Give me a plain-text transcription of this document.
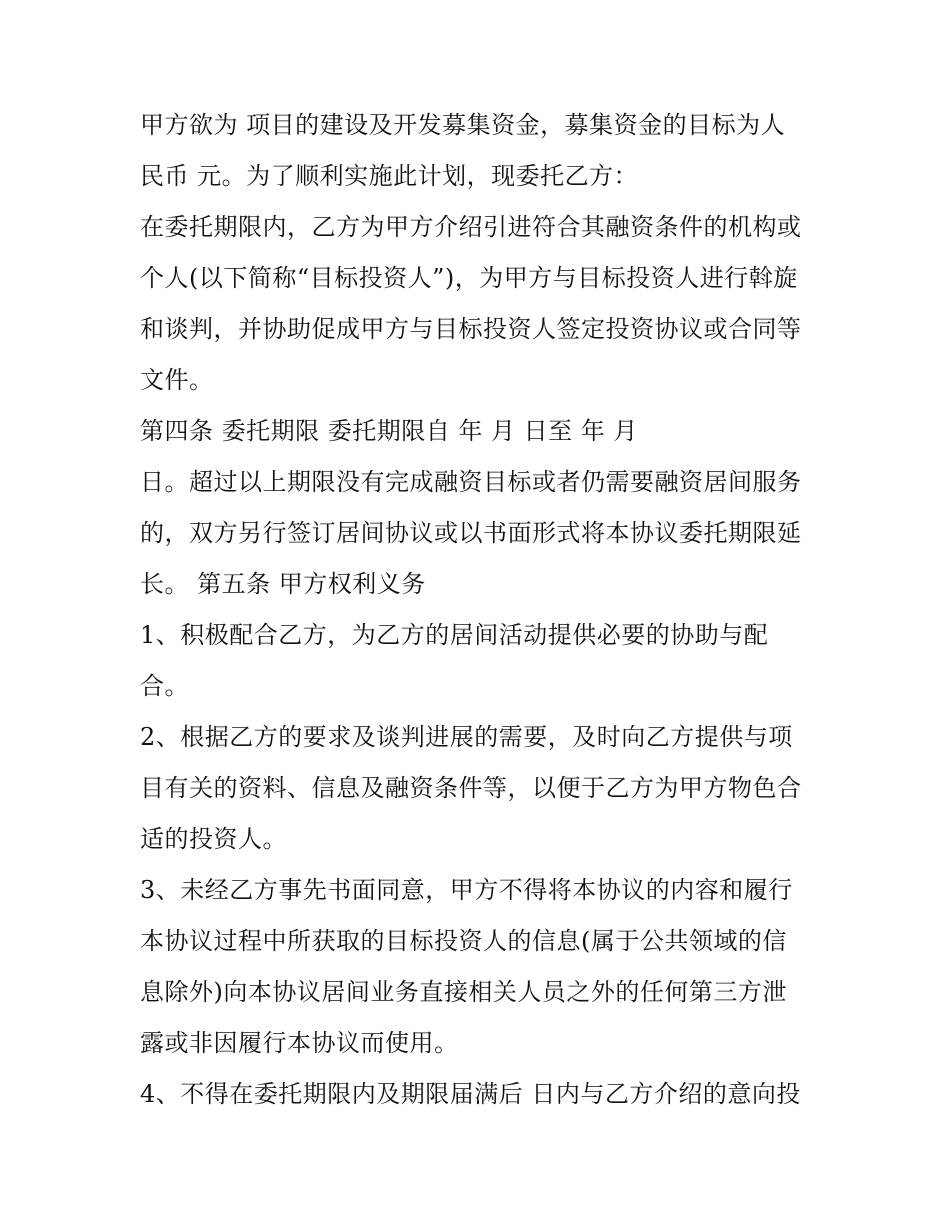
甲方欲为 项目的建设及开发募集资金，募集资金的目标为人
民币 元。为了顺利实施此计划，现委托乙方：
在委托期限内，乙方为甲方介绍引进符合其融资条件的机构或
个人(以下简称“目标投资人”)，为甲方与目标投资人进行斡旋
和谈判，并协助促成甲方与目标投资人签定投资协议或合同等
文件。
第四条 委托期限 委托期限自 年 月 日至 年 月
日。超过以上期限没有完成融资目标或者仍需要融资居间服务
的，双方另行签订居间协议或以书面形式将本协议委托期限延
长。 第五条 甲方权利义务
1、积极配合乙方，为乙方的居间活动提供必要的协助与配
合。
2、根据乙方的要求及谈判进展的需要，及时向乙方提供与项
目有关的资料、信息及融资条件等，以便于乙方为甲方物色合
适的投资人。
3、未经乙方事先书面同意，甲方不得将本协议的内容和履行
本协议过程中所获取的目标投资人的信息(属于公共领域的信
息除外)向本协议居间业务直接相关人员之外的任何第三方泄
露或非因履行本协议而使用。
4、不得在委托期限内及期限届满后 日内与乙方介绍的意向投
